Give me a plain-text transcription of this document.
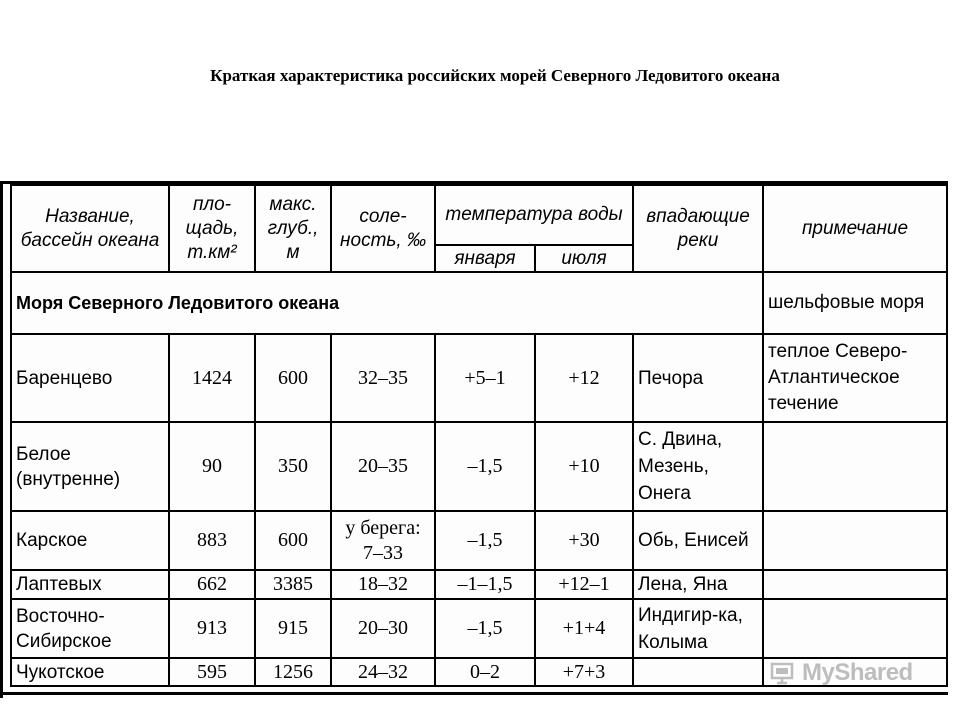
Краткая характеристика российских морей Северного Ледовитого океана
Название, бассейн океана	пло-щадь, т.км²	макс. глуб., м	соле-ность, ‰	температура воды		впадающие реки	примечание
				января	июля		
Моря Северного Ледовитого океана							шельфовые моря
Баренцево	1424	600	32–35	+5–1	+12	Печора	теплое Северо-Атлантическое течение
Белое (внутренне)	90	350	20–35	–1,5	+10	С. Двина, Мезень, Онега	
Карское	883	600	у берега: 7–33	–1,5	+30	Обь, Енисей	
Лаптевых	662	3385	18–32	–1–1,5	+12–1	Лена, Яна	
Восточно-Сибирское	913	915	20–30	–1,5	+1+4	Индигир-ка, Колыма	
Чукотское	595	1256	24–32	0–2	+7+3			MyShared
